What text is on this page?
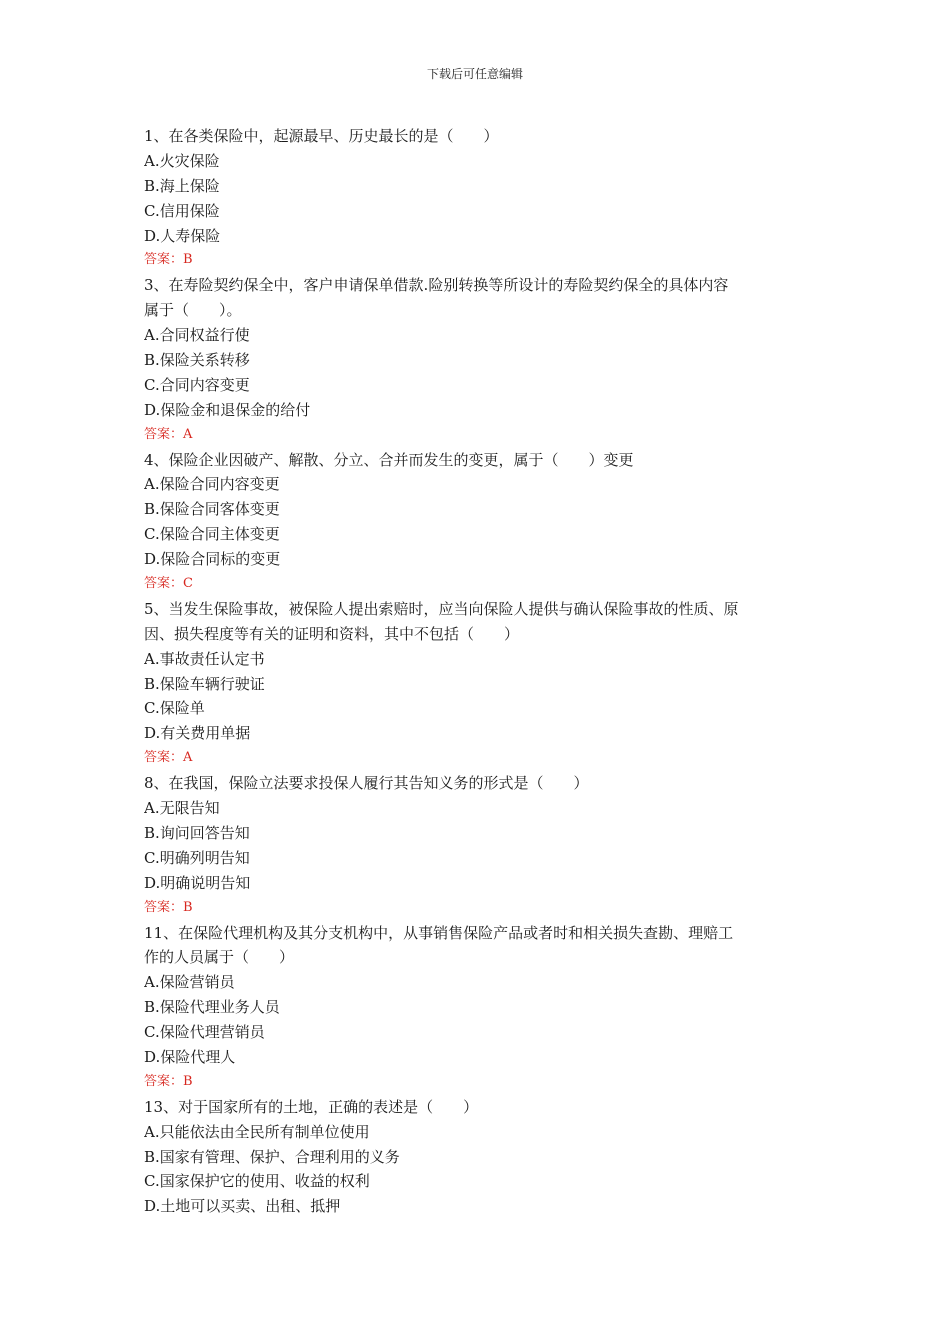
下载后可任意编辑
1、在各类保险中，起源最早、历史最长的是（　　）
A.火灾保险
B.海上保险
C.信用保险
D.人寿保险
答案：B
3、在寿险契约保全中，客户申请保单借款.险别转换等所设计的寿险契约保全的具体内容
属于（　　）。
A.合同权益行使
B.保险关系转移
C.合同内容变更
D.保险金和退保金的给付
答案：A
4、保险企业因破产、解散、分立、合并而发生的变更，属于（　　）变更
A.保险合同内容变更
B.保险合同客体变更
C.保险合同主体变更
D.保险合同标的变更
答案：C
5、当发生保险事故，被保险人提出索赔时，应当向保险人提供与确认保险事故的性质、原
因、损失程度等有关的证明和资料，其中不包括（　　）
A.事故责任认定书
B.保险车辆行驶证
C.保险单
D.有关费用单据
答案：A
8、在我国，保险立法要求投保人履行其告知义务的形式是（　　）
A.无限告知
B.询问回答告知
C.明确列明告知
D.明确说明告知
答案：B
11、在保险代理机构及其分支机构中，从事销售保险产品或者时和相关损失查勘、理赔工
作的人员属于（　　）
A.保险营销员
B.保险代理业务人员
C.保险代理营销员
D.保险代理人
答案：B
13、对于国家所有的土地，正确的表述是（　　）
A.只能依法由全民所有制单位使用
B.国家有管理、保护、合理利用的义务
C.国家保护它的使用、收益的权利
D.土地可以买卖、出租、抵押
